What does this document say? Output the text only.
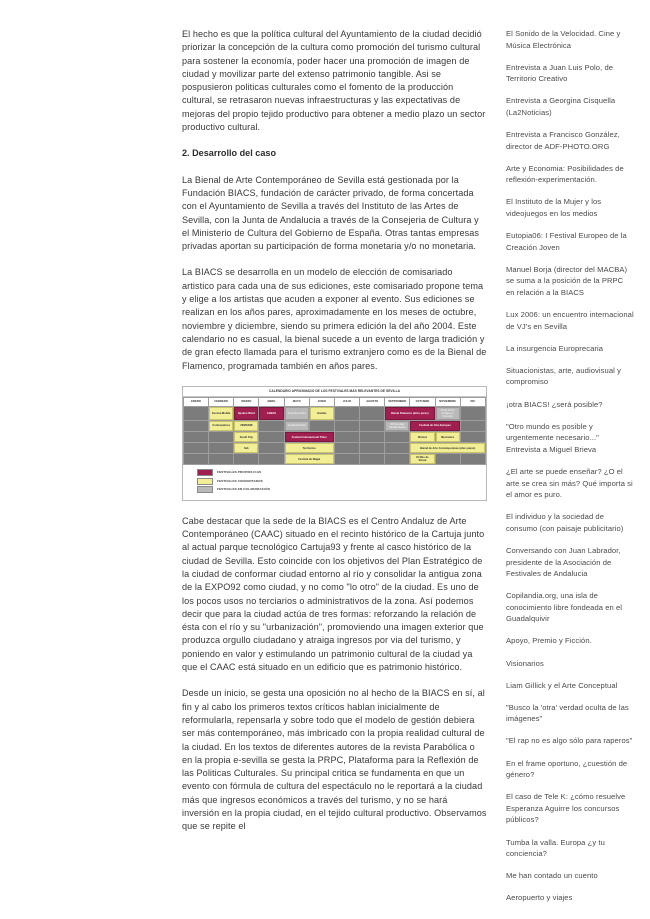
El hecho es que la política cultural del Ayuntamiento de la ciudad decidió priorizar la concepción de la cultura como promoción del turismo cultural para sostener la economía, poder hacer una promoción de imagen de ciudad y movilizar parte del extenso patrimonio tangible. Asi se pospusieron politicas culturales como el fomento de la producción cultural, se retrasaron nuevas infraestructuras y las expectativas de mejoras del propio tejido productivo para obtener a medio plazo un sector productivo cultural.

2. Desarrollo del caso

La Bienal de Arte Contemporáneo de Sevilla está gestionada por la Fundación BIACS, fundación de carácter privado, de forma concertada con el Ayuntamiento de Sevilla a través del Instituto de las Artes de Sevilla, con la Junta de Andalucia a través de la Consejeria de Cultura y el Ministerio de Cultura del Gobierno de España. Otras tantas empresas privadas aportan su participación de forma monetaria y/o no monetaria.

La BIACS se desarrolla en un modelo de elección de comisariado artistico para cada una de sus ediciones, este comisariado propone tema y elige a los artistas que acuden a exponer al evento. Sus ediciones se realizan en los años pares, aproximadamente en los meses de octubre, noviembre y diciembre, siendo su primera edición la del año 2004. Este calendario no es casual, la bienal sucede a un evento de larga tradición y de gran efecto llamada para el turismo extranjero como es de la Bienal de Flamenco, programada también en años pares.

CALENDARIO APROXIMADO DE LOS FESTIVALES MÁS RELEVANTES DE SEVILLA
ENERO	FEBRERO	MARZO	ABRIL	MAYO	JUNIO	JULIO	AGOSTO	SEPTIEMBRE	OCTUBRE	NOVIEMBRE	DIC

Escena Mobile	Spoken Word	FeMAS	Feria del Libro	Huellas			Bienal Flamenco (años pares)		Feria Libro Antiguo y Ocasión	

Contenedores	ZEMOS98		Festival Cinéd				XII Festival Sevilla Salsa	Festival de Cine Europeo		

South Pop		Festival Internacional Títere					Womex	Mercantes	

fwb		Territorios					Bienal de Arte Contemporáneo (años pares)		

Festival de Magia					El Mes de Danza		

FESTIVALES PROPIOS ICAS
FESTIVALES CONCERTADOS
FESTIVALES EN COLABORACIÓN

Cabe destacar que la sede de la BIACS es el Centro Andaluz de Arte Contemporáneo (CAAC) situado en el recinto histórico de la Cartuja junto al actual parque tecnológico Cartuja93 y frente al casco histórico de la ciudad de Sevilla. Esto coincide con los objetivos del Plan Estratégico de la ciudad de conformar ciudad entorno al río y consolidar la antigua zona de la EXPO92 como ciudad, y no como "lo otro" de la ciudad. Es uno de los pocos usos no terciarios o administrativos de la zona. Así podemos decir que para la ciudad actúa de tres formas: reforzando la relación de ésta con el río y su "urbanización", promoviendo una imagen exterior que produzca orgullo ciudadano y atraiga ingresos por via del turismo, y poniendo en valor y estimulando un patrimonio cultural de la ciudad ya que el CAAC está situado en un edificio que es patrimonio histórico.

Desde un inicio, se gesta una oposición no al hecho de la BIACS en sí, al fin y al cabo los primeros textos críticos hablan inicialmente de reformularla, repensarla y sobre todo que el modelo de gestión debiera ser más contemporáneo, más imbricado con la propia realidad cultural de la ciudad. En los textos de diferentes autores de la revista Parabólica o en la propia e-sevilla se gesta la PRPC, Plataforma para la Reflexión de las Politicas Culturales. Su principal critica se fundamenta en que un evento con fórmula de cultura del espectáculo no le reportará a la ciudad más que ingresos económicos a través del turismo, y no se hará inversión en la propia ciudad, en el tejido cultural productivo. Observamos que se repite el

El Sonido de la Velocidad. Cine y Música Electrónica
Entrevista a Juan Luis Polo, de Territorio Creativo
Entrevista a Georgina Cisquella (La2Noticias)
Entrevista a Francisco González, director de ADF-PHOTO.ORG
Arte y Economia: Posibilidades de reflexión-experimentación.
El Instituto de la Mujer y los videojuegos en los medios
Eutopia06: I Festival Europeo de la Creación Joven
Manuel Borja (director del MACBA) se suma a la posición de la PRPC en relación a la BIACS
Lux 2006: un encuentro internacional de VJ's en Sevilla
La insurgencia Europrecaria
Situacionistas, arte, audiovisual y compromiso
¡otra BIACS! ¿será posible?
"Otro mundo es posible y urgentemente necesario..." Entrevista a Miguel Brieva
¿El arte se puede enseñar? ¿O el arte se crea sin más? Qué importa si el amor es puro.
El individuo y la sociedad de consumo (con paisaje publicitario)
Conversando con Juan Labrador, presidente de la Asociación de Festivales de Andalucia
Copilandia.org, una isla de conocimiento libre fondeada en el Guadalquivir
Apoyo, Premio y Ficción.
Visionarios
Liam Gillick y el Arte Conceptual
"Busco la 'otra' verdad oculta de las imágenes"
"El rap no es algo sólo para raperos"
En el frame oportuno, ¿cuestión de género?
El caso de Tele K: ¿cómo resuelve Esperanza Aguirre los concursos públicos?
Tumba la valla. Europa ¿y tu conciencia?
Me han contado un cuento
Aeropuerto y viajes
